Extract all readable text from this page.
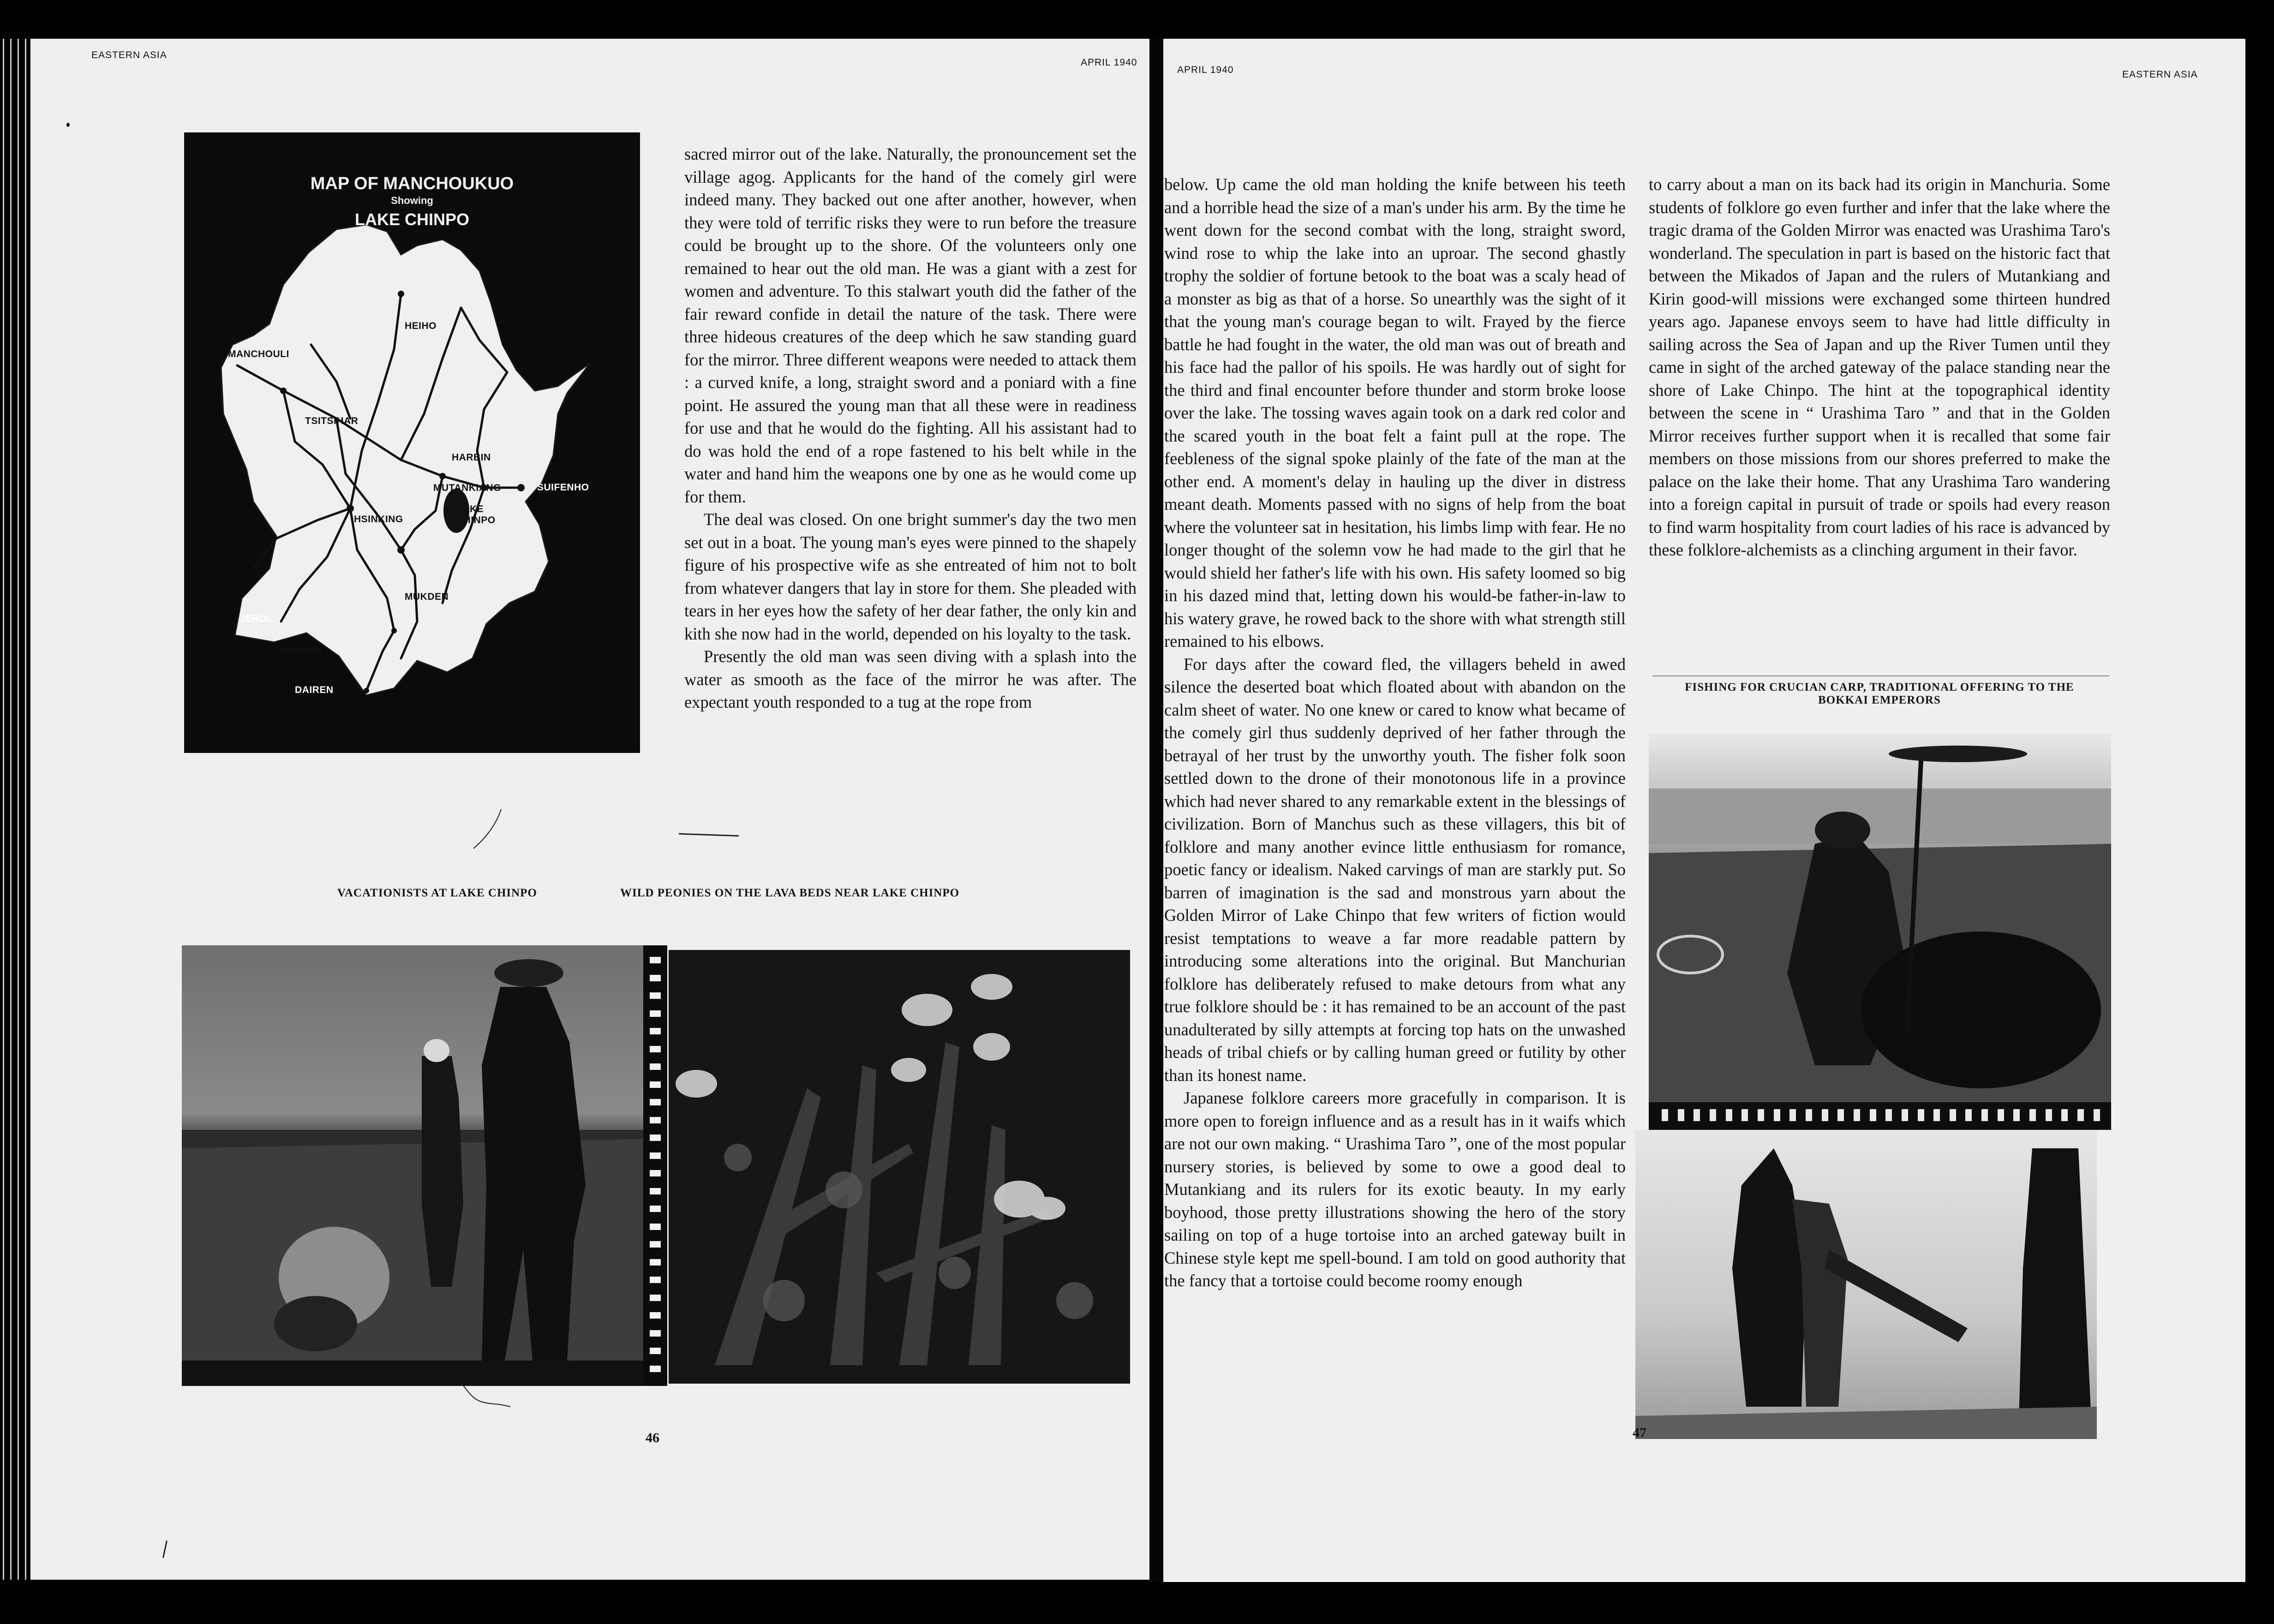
EASTERN ASIA
APRIL 1940
MAP OF MANCHOUKUO
Showing
LAKE CHINPO
HEIHO
MANCHOULI
TSITSIHAR
HARBIN
MUTANKIANG	SUIFENHO
LAKE CHINPO
HSINKING
MUKDEN
JEHOL
SHANHAI
DAIREN

sacred mirror out of the lake. Naturally, the pronouncement set the village agog. Applicants for the hand of the comely girl were indeed many. They backed out one after another, however, when they were told of terrific risks they were to run before the treasure could be brought up to the shore. Of the volunteers only one remained to hear out the old man. He was a giant with a zest for women and adventure. To this stalwart youth did the father of the fair reward confide in detail the nature of the task. There were three hideous creatures of the deep which he saw standing guard for the mirror. Three different weapons were needed to attack them : a curved knife, a long, straight sword and a poniard with a fine point. He assured the young man that all these were in readiness for use and that he would do the fighting. All his assistant had to do was hold the end of a rope fastened to his belt while in the water and hand him the weapons one by one as he would come up for them.

The deal was closed. On one bright summer's day the two men set out in a boat. The young man's eyes were pinned to the shapely figure of his prospective wife as she entreated of him not to bolt from whatever dangers that lay in store for them. She pleaded with tears in her eyes how the safety of her dear father, the only kin and kith she now had in the world, depended on his loyalty to the task.

Presently the old man was seen diving with a splash into the water as smooth as the face of the mirror he was after. The expectant youth responded to a tug at the rope from

VACATIONISTS AT LAKE CHINPO	WILD PEONIES ON THE LAVA BEDS NEAR LAKE CHINPO
46
APRIL 1940	EASTERN ASIA

below. Up came the old man holding the knife between his teeth and a horrible head the size of a man's under his arm. By the time he went down for the second combat with the long, straight sword, wind rose to whip the lake into an uproar. The second ghastly trophy the soldier of fortune betook to the boat was a scaly head of a monster as big as that of a horse. So unearthly was the sight of it that the young man's courage began to wilt. Frayed by the fierce battle he had fought in the water, the old man was out of breath and his face had the pallor of his spoils. He was hardly out of sight for the third and final encounter before thunder and storm broke loose over the lake. The tossing waves again took on a dark red color and the scared youth in the boat felt a faint pull at the rope. The feebleness of the signal spoke plainly of the fate of the man at the other end. A moment's delay in hauling up the diver in distress meant death. Moments passed with no signs of help from the boat where the volunteer sat in hesitation, his limbs limp with fear. He no longer thought of the solemn vow he had made to the girl that he would shield her father's life with his own. His safety loomed so big in his dazed mind that, letting down his would-be father-in-law to his watery grave, he rowed back to the shore with what strength still remained to his elbows.

For days after the coward fled, the villagers beheld in awed silence the deserted boat which floated about with abandon on the calm sheet of water. No one knew or cared to know what became of the comely girl thus suddenly deprived of her father through the betrayal of her trust by the unworthy youth. The fisher folk soon settled down to the drone of their monotonous life in a province which had never shared to any remarkable extent in the blessings of civilization. Born of Manchus such as these villagers, this bit of folklore and many another evince little enthusiasm for romance, poetic fancy or idealism. Naked carvings of man are starkly put. So barren of imagination is the sad and monstrous yarn about the Golden Mirror of Lake Chinpo that few writers of fiction would resist temptations to weave a far more readable pattern by introducing some alterations into the original. But Manchurian folklore has deliberately refused to make detours from what any true folklore should be : it has remained to be an account of the past unadulterated by silly attempts at forcing top hats on the unwashed heads of tribal chiefs or by calling human greed or futility by other than its honest name.

Japanese folklore careers more gracefully in comparison. It is more open to foreign influence and as a result has in it waifs which are not our own making. “ Urashima Taro ”, one of the most popular nursery stories, is believed by some to owe a good deal to Mutankiang and its rulers for its exotic beauty. In my early boyhood, those pretty illustrations showing the hero of the story sailing on top of a huge tortoise into an arched gateway built in Chinese style kept me spell-bound. I am told on good authority that the fancy that a tortoise could become roomy enough

to carry about a man on its back had its origin in Manchuria. Some students of folklore go even further and infer that the lake where the tragic drama of the Golden Mirror was enacted was Urashima Taro's wonderland. The speculation in part is based on the historic fact that between the Mikados of Japan and the rulers of Mutankiang and Kirin good-will missions were exchanged some thirteen hundred years ago. Japanese envoys seem to have had little difficulty in sailing across the Sea of Japan and up the River Tumen until they came in sight of the arched gateway of the palace standing near the shore of Lake Chinpo. The hint at the topographical identity between the scene in “ Urashima Taro ” and that in the Golden Mirror receives further support when it is recalled that some fair members on those missions from our shores preferred to make the palace on the lake their home. That any Urashima Taro wandering into a foreign capital in pursuit of trade or spoils had every reason to find warm hospitality from court ladies of his race is advanced by these folklore-alchemists as a clinching argument in their favor.

FISHING FOR CRUCIAN CARP, TRADITIONAL OFFERING TO THE
BOKKAI EMPERORS
47
